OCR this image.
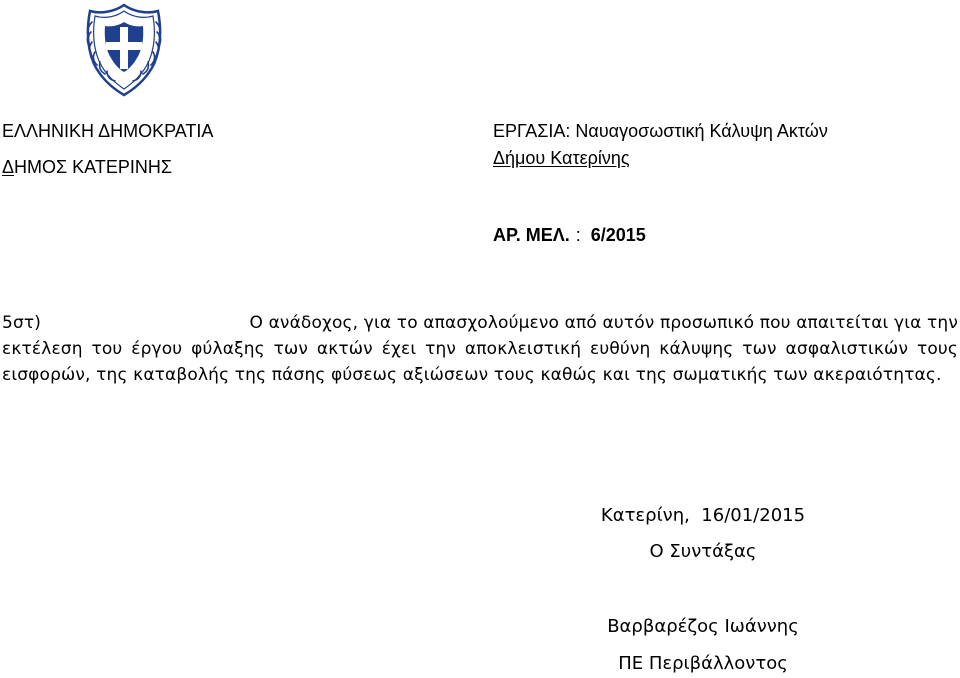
ΕΛΛΗΝΙΚΗ ΔΗΜΟΚΡΑΤΙΑ
ΔΗΜΟΣ ΚΑΤΕΡΙΝΗΣ
ΕΡΓΑΣΙΑ: Ναυαγοσωστική Κάλυψη Ακτών
Δήμου Κατερίνης
ΑΡ. ΜΕΛ. : 6/2015
5στ)	Ο ανάδοχος, για το απασχολούμενο από αυτόν προσωπικό που απαιτείται για την
εκτέλεση του έργου φύλαξης των ακτών έχει την αποκλειστική ευθύνη κάλυψης των ασφαλιστικών τους εισφορών, της καταβολής της πάσης φύσεως αξιώσεων τους καθώς και της σωματικής των ακεραιότητας.
Κατερίνη,  16/01/2015
Ο Συντάξας
Βαρβαρέζος Ιωάννης
ΠΕ Περιβάλλοντος
